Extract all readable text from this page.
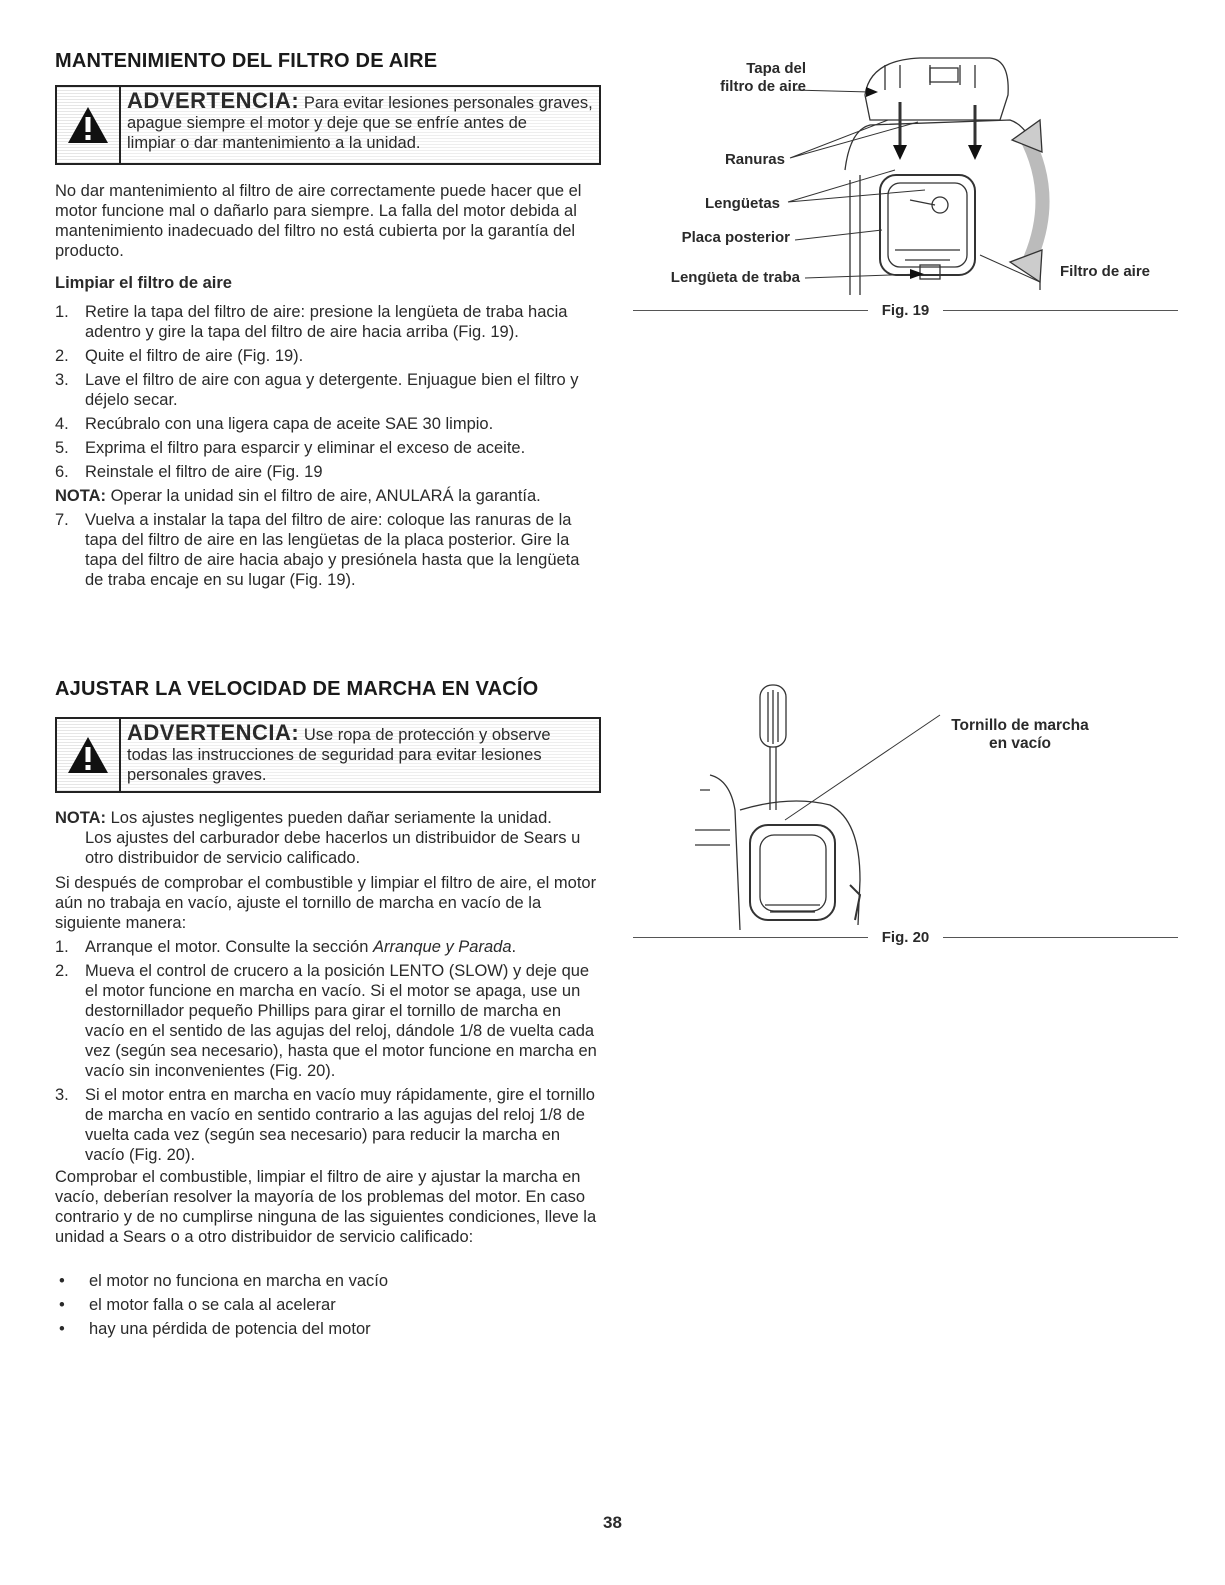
MANTENIMIENTO DEL FILTRO DE AIRE
ADVERTENCIA: Para evitar lesiones personales graves,
apague siempre el motor y deje que se enfríe antes de
limpiar o dar mantenimiento a la unidad.

No dar mantenimiento al filtro de aire correctamente puede hacer que el motor funcione mal o dañarlo para siempre. La falla del motor debida al mantenimiento inadecuado del filtro no está cubierta por la garantía del producto.

Limpiar el filtro de aire
1. Retire la tapa del filtro de aire: presione la lengüeta de traba hacia adentro y gire la tapa del filtro de aire hacia arriba (Fig. 19).
2. Quite el filtro de aire (Fig. 19).
3. Lave el filtro de aire con agua y detergente. Enjuague bien el filtro y déjelo secar.
4. Recúbralo con una ligera capa de aceite SAE 30 limpio.
5. Exprima el filtro para esparcir y eliminar el exceso de aceite.
6. Reinstale el filtro de aire (Fig. 19
NOTA: Operar la unidad sin el filtro de aire, ANULARÁ la garantía.
7. Vuelva a instalar la tapa del filtro de aire: coloque las ranuras de la tapa del filtro de aire en las lengüetas de la placa posterior. Gire la tapa del filtro de aire hacia abajo y presiónela hasta que la lengüeta de traba encaje en su lugar (Fig. 19).
Tapa del
filtro de aire
Ranuras
Lengüetas
Placa posterior
Lengüeta de traba	Filtro de aire
Fig. 19
AJUSTAR LA VELOCIDAD DE MARCHA EN VACÍO
ADVERTENCIA: Use ropa de protección y observe
todas las instrucciones de seguridad para evitar lesiones
personales graves.
NOTA: Los ajustes negligentes pueden dañar seriamente la unidad.
Los ajustes del carburador debe hacerlos un distribuidor de Sears u otro distribuidor de servicio calificado.

Si después de comprobar el combustible y limpiar el filtro de aire, el motor aún no trabaja en vacío, ajuste el tornillo de marcha en vacío de la siguiente manera:

1. Arranque el motor. Consulte la sección Arranque y Parada.
2. Mueva el control de crucero a la posición LENTO (SLOW) y deje que el motor funcione en marcha en vacío. Si el motor se apaga, use un destornillador pequeño Phillips para girar el tornillo de marcha en vacío en el sentido de las agujas del reloj, dándole 1/8 de vuelta cada vez (según sea necesario), hasta que el motor funcione en marcha en vacío sin inconvenientes (Fig. 20).
3. Si el motor entra en marcha en vacío muy rápidamente, gire el tornillo de marcha en vacío en sentido contrario a las agujas del reloj 1/8 de vuelta cada vez (según sea necesario) para reducir la marcha en vacío (Fig. 20).

Comprobar el combustible, limpiar el filtro de aire y ajustar la marcha en vacío, deberían resolver la mayoría de los problemas del motor. En caso contrario y de no cumplirse ninguna de las siguientes condiciones, lleve la unidad a Sears o a otro distribuidor de servicio calificado:

•	el motor no funciona en marcha en vacío
•	el motor falla o se cala al acelerar
•	hay una pérdida de potencia del motor
Tornillo de marcha
en vacío
Fig. 20
38
